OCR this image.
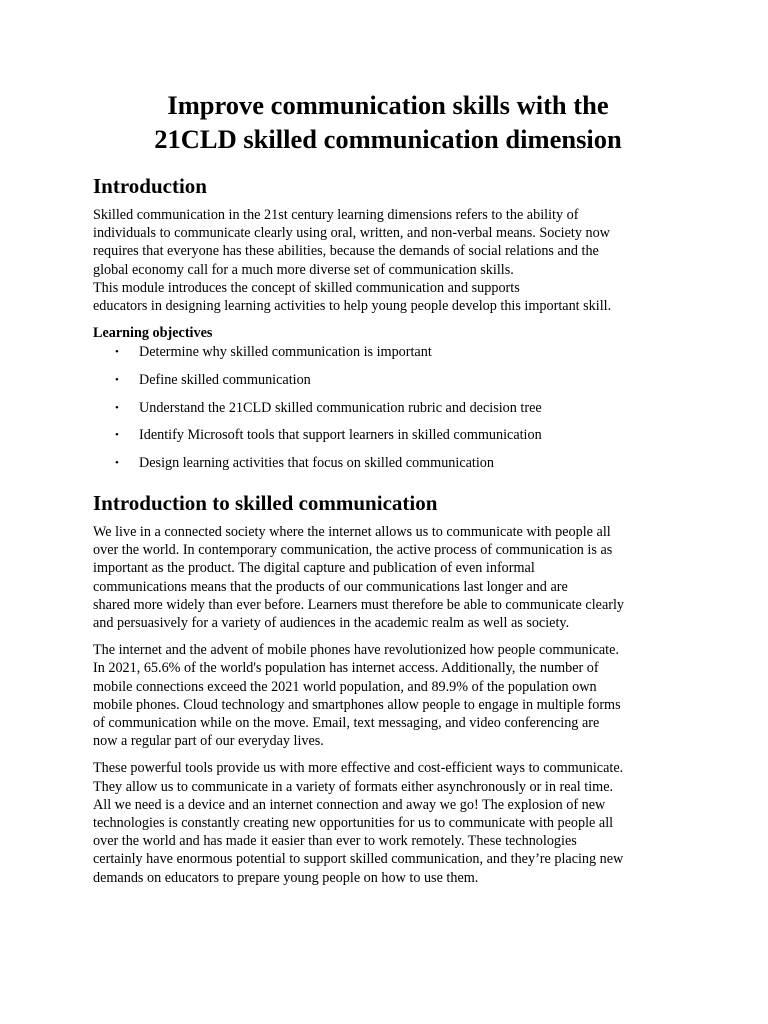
Improve communication skills with the
21CLD skilled communication dimension
Introduction

Skilled communication in the 21st century learning dimensions refers to the ability of
individuals to communicate clearly using oral, written, and non-verbal means. Society now
requires that everyone has these abilities, because the demands of social relations and the
global economy call for a much more diverse set of communication skills.
This module introduces the concept of skilled communication and supports
educators in designing learning activities to help young people develop this important skill.

Learning objectives
• Determine why skilled communication is important
• Define skilled communication
• Understand the 21CLD skilled communication rubric and decision tree
• Identify Microsoft tools that support learners in skilled communication
• Design learning activities that focus on skilled communication
Introduction to skilled communication

We live in a connected society where the internet allows us to communicate with people all
over the world. In contemporary communication, the active process of communication is as
important as the product. The digital capture and publication of even informal
communications means that the products of our communications last longer and are
shared more widely than ever before. Learners must therefore be able to communicate clearly
and persuasively for a variety of audiences in the academic realm as well as society.

The internet and the advent of mobile phones have revolutionized how people communicate.
In 2021, 65.6% of the world's population has internet access. Additionally, the number of
mobile connections exceed the 2021 world population, and 89.9% of the population own
mobile phones. Cloud technology and smartphones allow people to engage in multiple forms
of communication while on the move. Email, text messaging, and video conferencing are
now a regular part of our everyday lives.

These powerful tools provide us with more effective and cost-efficient ways to communicate.
They allow us to communicate in a variety of formats either asynchronously or in real time.
All we need is a device and an internet connection and away we go! The explosion of new
technologies is constantly creating new opportunities for us to communicate with people all
over the world and has made it easier than ever to work remotely. These technologies
certainly have enormous potential to support skilled communication, and they’re placing new
demands on educators to prepare young people on how to use them.
